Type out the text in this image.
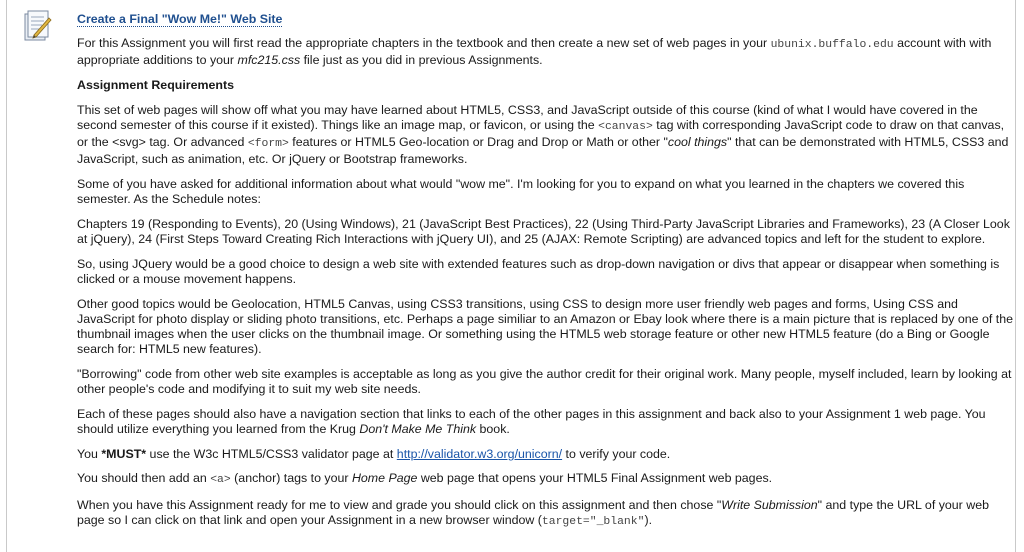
Create a Final "Wow Me!" Web Site

For this Assignment you will first read the appropriate chapters in the textbook and then create a new set of web pages in your ubunix.buffalo.edu account with with appropriate additions to your mfc215.css file just as you did in previous Assignments.

Assignment Requirements

This set of web pages will show off what you may have learned about HTML5, CSS3, and JavaScript outside of this course (kind of what I would have covered in the second semester of this course if it existed). Things like an image map, or favicon, or using the <canvas> tag with corresponding JavaScript code to draw on that canvas, or the <svg> tag. Or advanced <form> features or HTML5 Geo-location or Drag and Drop or Math or other "cool things" that can be demonstrated with HTML5, CSS3 and JavaScript, such as animation, etc. Or jQuery or Bootstrap frameworks.

Some of you have asked for additional information about what would "wow me". I'm looking for you to expand on what you learned in the chapters we covered this semester. As the Schedule notes:

Chapters 19 (Responding to Events), 20 (Using Windows), 21 (JavaScript Best Practices), 22 (Using Third-Party JavaScript Libraries and Frameworks), 23 (A Closer Look at jQuery), 24 (First Steps Toward Creating Rich Interactions with jQuery UI), and 25 (AJAX: Remote Scripting) are advanced topics and left for the student to explore.

So, using JQuery would be a good choice to design a web site with extended features such as drop-down navigation or divs that appear or disappear when something is clicked or a mouse movement happens.

Other good topics would be Geolocation, HTML5 Canvas, using CSS3 transitions, using CSS to design more user friendly web pages and forms, Using CSS and JavaScript for photo display or sliding photo transitions, etc. Perhaps a page similiar to an Amazon or Ebay look where there is a main picture that is replaced by one of the thumbnail images when the user clicks on the thumbnail image. Or something using the HTML5 web storage feature or other new HTML5 feature (do a Bing or Google search for: HTML5 new features).

"Borrowing" code from other web site examples is acceptable as long as you give the author credit for their original work. Many people, myself included, learn by looking at other people's code and modifying it to suit my web site needs.

Each of these pages should also have a navigation section that links to each of the other pages in this assignment and back also to your Assignment 1 web page. You should utilize everything you learned from the Krug Don't Make Me Think book.

You *MUST* use the W3c HTML5/CSS3 validator page at http://validator.w3.org/unicorn/ to verify your code.

You should then add an <a> (anchor) tags to your Home Page web page that opens your HTML5 Final Assignment web pages.

When you have this Assignment ready for me to view and grade you should click on this assignment and then chose "Write Submission" and type the URL of your web page so I can click on that link and open your Assignment in a new browser window (target="_blank").
